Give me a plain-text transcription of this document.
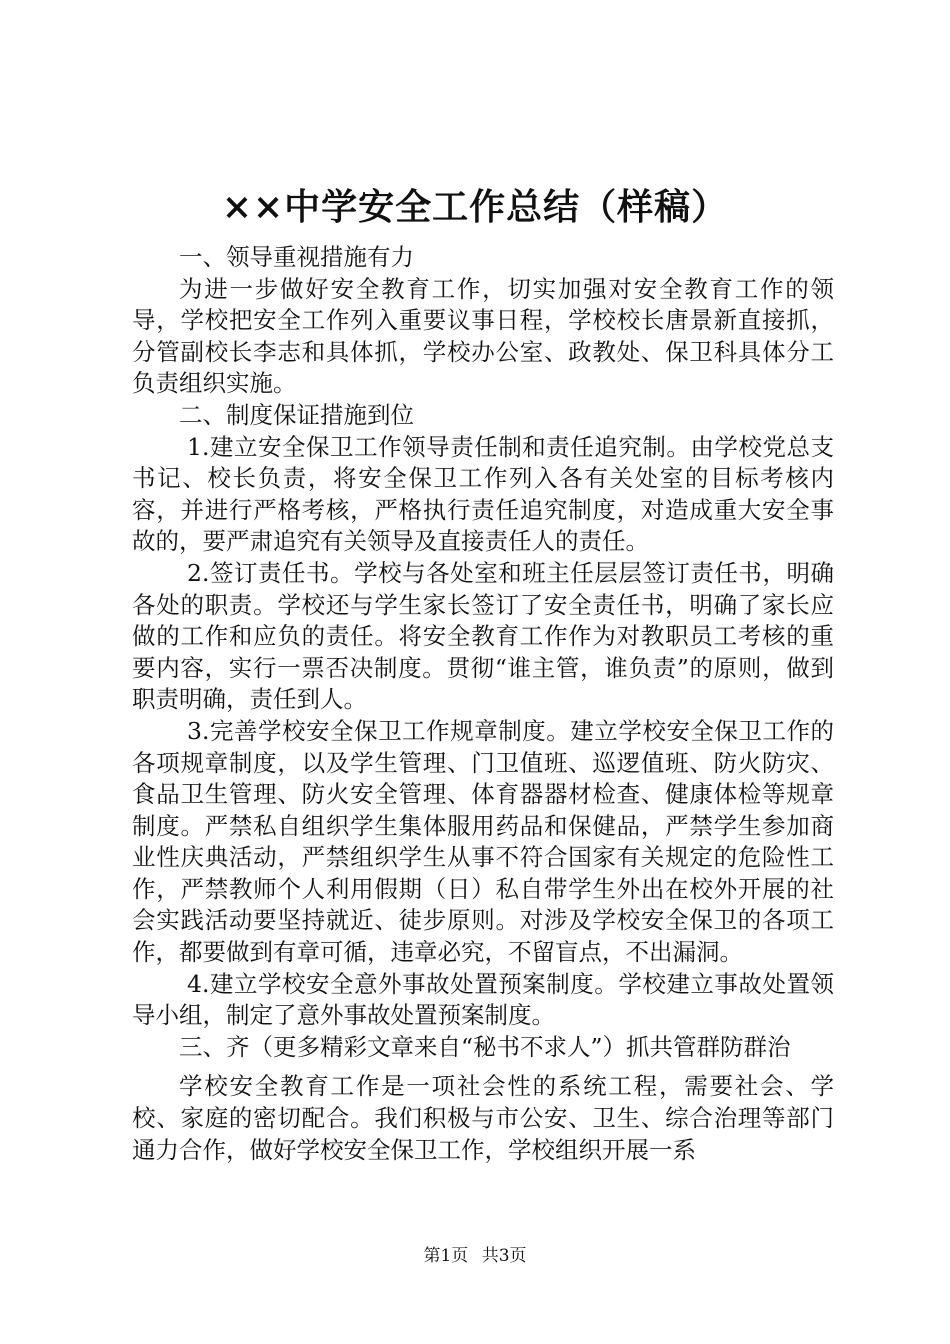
××中学安全工作总结（样稿）

一、领导重视措施有力

为进一步做好安全教育工作，切实加强对安全教育工作的领导，学校把安全工作列入重要议事日程，学校校长唐景新直接抓，分管副校长李志和具体抓，学校办公室、政教处、保卫科具体分工负责组织实施。

二、制度保证措施到位

1.建立安全保卫工作领导责任制和责任追究制。由学校党总支书记、校长负责，将安全保卫工作列入各有关处室的目标考核内容，并进行严格考核，严格执行责任追究制度，对造成重大安全事故的，要严肃追究有关领导及直接责任人的责任。

2.签订责任书。学校与各处室和班主任层层签订责任书，明确各处的职责。学校还与学生家长签订了安全责任书，明确了家长应做的工作和应负的责任。将安全教育工作作为对教职员工考核的重要内容，实行一票否决制度。贯彻“谁主管，谁负责”的原则，做到职责明确，责任到人。

3.完善学校安全保卫工作规章制度。建立学校安全保卫工作的各项规章制度，以及学生管理、门卫值班、巡逻值班、防火防灾、食品卫生管理、防火安全管理、体育器器材检查、健康体检等规章制度。严禁私自组织学生集体服用药品和保健品，严禁学生参加商业性庆典活动，严禁组织学生从事不符合国家有关规定的危险性工作，严禁教师个人利用假期（日）私自带学生外出在校外开展的社会实践活动要坚持就近、徒步原则。对涉及学校安全保卫的各项工作，都要做到有章可循，违章必究，不留盲点，不出漏洞。

4.建立学校安全意外事故处置预案制度。学校建立事故处置领导小组，制定了意外事故处置预案制度。

三、齐（更多精彩文章来自“秘书不求人”）抓共管群防群治

学校安全教育工作是一项社会性的系统工程，需要社会、学校、家庭的密切配合。我们积极与市公安、卫生、综合治理等部门通力合作，做好学校安全保卫工作，学校组织开展一系

第1页 共3页
